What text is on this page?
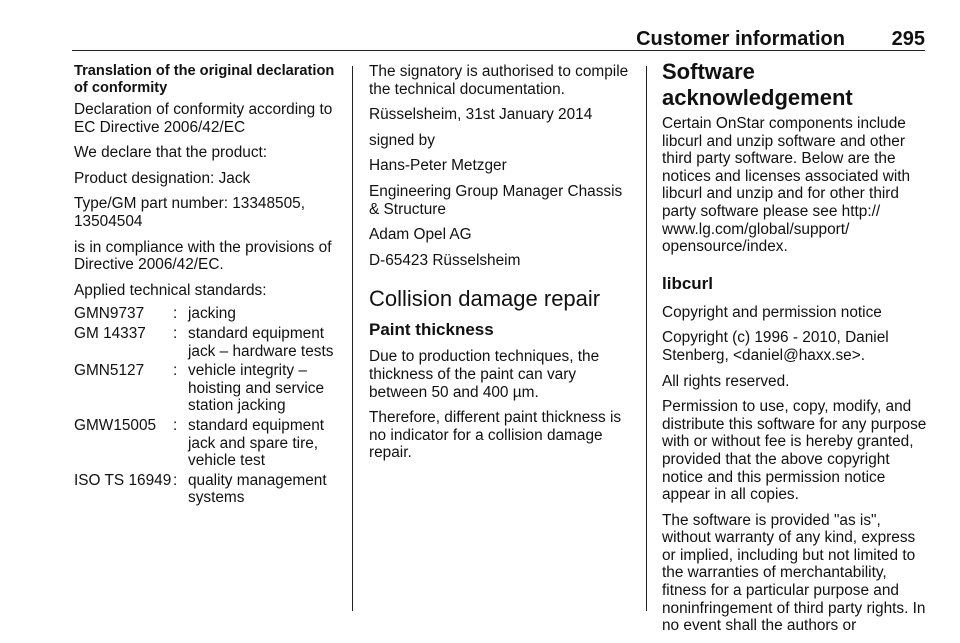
Customer information 295

Translation of the original declaration of conformity

Declaration of conformity according to EC Directive 2006/42/EC

We declare that the product:

Product designation: Jack

Type/GM part number: 13348505, 13504504

is in compliance with the provisions of Directive 2006/42/EC.

Applied technical standards:

GMN9737	:	jacking
GM 14337	:	standard equipment jack – hardware tests
GMN5127	:	vehicle integrity – hoisting and service station jacking
GMW15005	:	standard equipment jack and spare tire, vehicle test
ISO TS 16949	:	quality management systems

The signatory is authorised to compile the technical documentation.

Rüsselsheim, 31st January 2014

signed by

Hans-Peter Metzger

Engineering Group Manager Chassis & Structure

Adam Opel AG

D-65423 Rüsselsheim

Collision damage repair
Paint thickness

Due to production techniques, the thickness of the paint can vary between 50 and 400 µm.

Therefore, different paint thickness is no indicator for a collision damage repair.

Software acknowledgement

Certain OnStar components include libcurl and unzip software and other third party software. Below are the notices and licenses associated with libcurl and unzip and for other third party software please see http:// www.lg.com/global/support/ opensource/index.

libcurl

Copyright and permission notice

Copyright (c) 1996 - 2010, Daniel Stenberg, <daniel@haxx.se>.

All rights reserved.

Permission to use, copy, modify, and distribute this software for any purpose with or without fee is hereby granted, provided that the above copyright notice and this permission notice appear in all copies.

The software is provided "as is", without warranty of any kind, express or implied, including but not limited to the warranties of merchantability, fitness for a particular purpose and noninfringement of third party rights. In no event shall the authors or
